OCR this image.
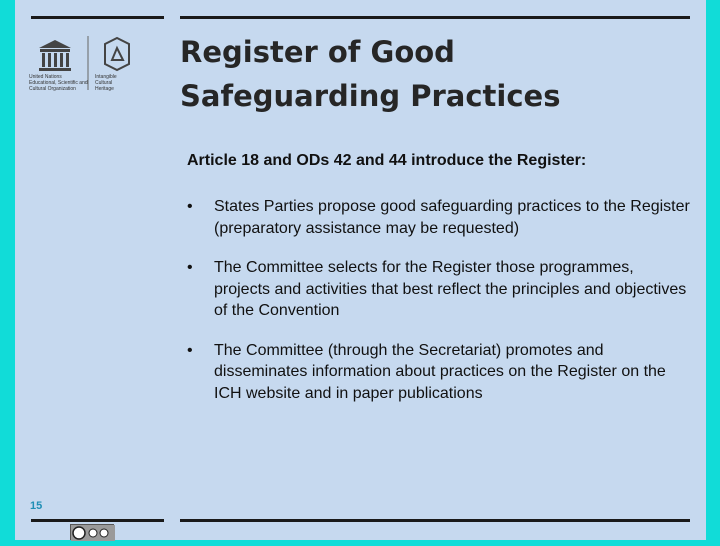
United Nations
Educational, Scientific and
Cultural Organization
Intangible
Cultural
Heritage
Register of Good Safeguarding Practices

Article 18 and ODs 42 and 44 introduce the Register:

• States Parties propose good safeguarding practices to the Register (preparatory assistance may be requested)
• The Committee selects for the Register those programmes, projects and activities that best reflect the principles and objectives of the Convention
• The Committee (through the Secretariat) promotes and disseminates information about practices on the Register on the ICH website and in paper publications
15
